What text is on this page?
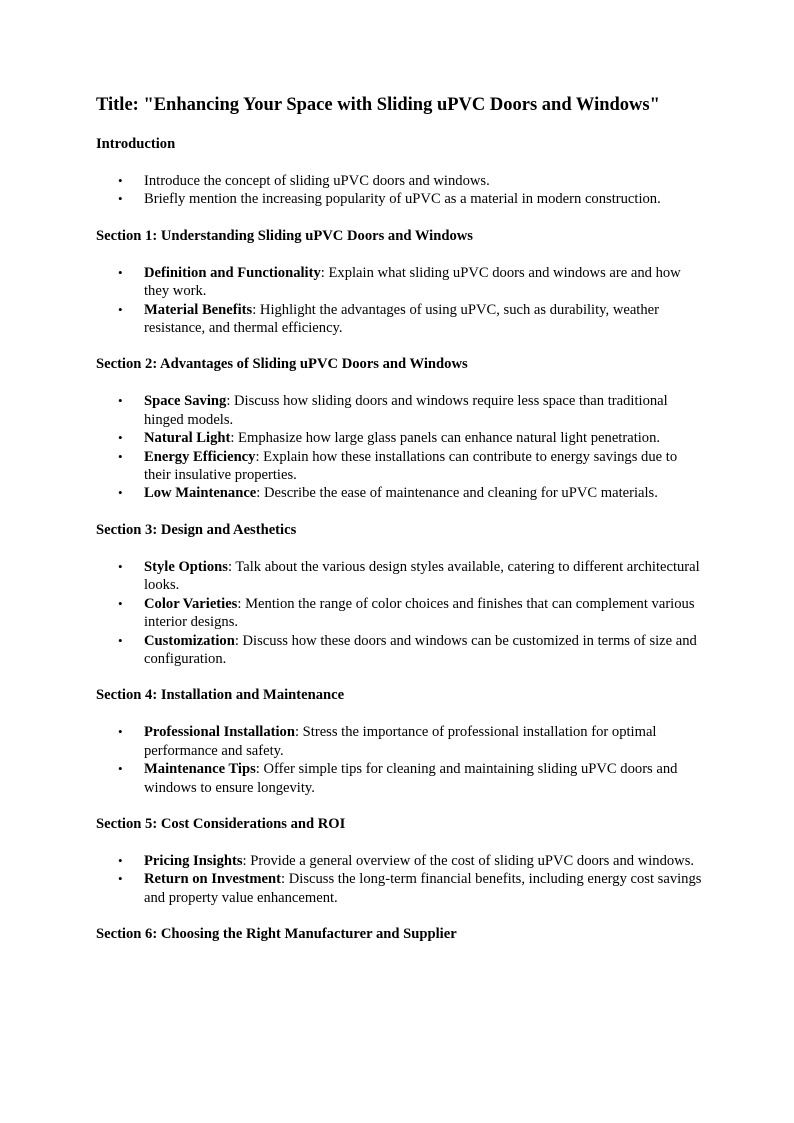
Title: "Enhancing Your Space with Sliding uPVC Doors and Windows"
Introduction
• Introduce the concept of sliding uPVC doors and windows.
• Briefly mention the increasing popularity of uPVC as a material in modern construction.
Section 1: Understanding Sliding uPVC Doors and Windows
• Definition and Functionality: Explain what sliding uPVC doors and windows are and how they work.
• Material Benefits: Highlight the advantages of using uPVC, such as durability, weather resistance, and thermal efficiency.
Section 2: Advantages of Sliding uPVC Doors and Windows
• Space Saving: Discuss how sliding doors and windows require less space than traditional hinged models.
• Natural Light: Emphasize how large glass panels can enhance natural light penetration.
• Energy Efficiency: Explain how these installations can contribute to energy savings due to their insulative properties.
• Low Maintenance: Describe the ease of maintenance and cleaning for uPVC materials.
Section 3: Design and Aesthetics
• Style Options: Talk about the various design styles available, catering to different architectural looks.
• Color Varieties: Mention the range of color choices and finishes that can complement various interior designs.
• Customization: Discuss how these doors and windows can be customized in terms of size and configuration.
Section 4: Installation and Maintenance
• Professional Installation: Stress the importance of professional installation for optimal performance and safety.
• Maintenance Tips: Offer simple tips for cleaning and maintaining sliding uPVC doors and windows to ensure longevity.
Section 5: Cost Considerations and ROI
• Pricing Insights: Provide a general overview of the cost of sliding uPVC doors and windows.
• Return on Investment: Discuss the long-term financial benefits, including energy cost savings and property value enhancement.
Section 6: Choosing the Right Manufacturer and Supplier
